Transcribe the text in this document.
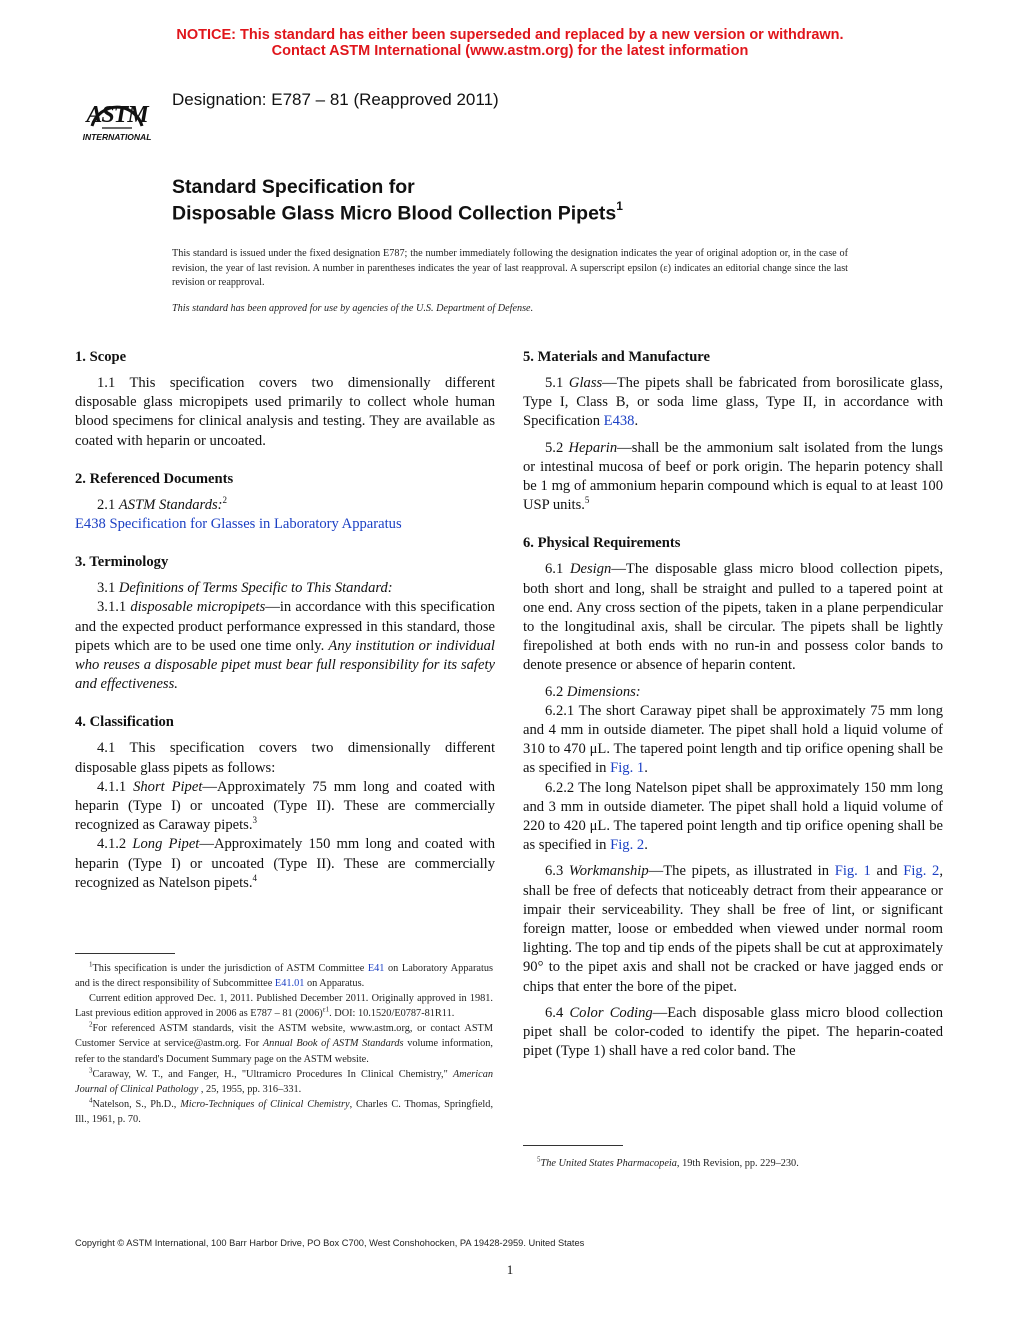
NOTICE: This standard has either been superseded and replaced by a new version or withdrawn.
Contact ASTM International (www.astm.org) for the latest information
ASTM
INTERNATIONAL
Designation: E787 – 81 (Reapproved 2011)
Standard Specification for
Disposable Glass Micro Blood Collection Pipets$^1$
This standard is issued under the fixed designation E787; the number immediately following the designation indicates the year of original adoption or, in the case of revision, the year of last revision. A number in parentheses indicates the year of last reapproval. A superscript epsilon (ε) indicates an editorial change since the last revision or reapproval.
This standard has been approved for use by agencies of the U.S. Department of Defense.
1. Scope

1.1 This specification covers two dimensionally different disposable glass micropipets used primarily to collect whole human blood specimens for clinical analysis and testing. They are available as coated with heparin or uncoated.

2. Referenced Documents

2.1 ASTM Standards:$^2$

E438 Specification for Glasses in Laboratory Apparatus

3. Terminology

3.1 Definitions of Terms Specific to This Standard:

3.1.1 disposable micropipets—in accordance with this specification and the expected product performance expressed in this standard, those pipets which are to be used one time only. Any institution or individual who reuses a disposable pipet must bear full responsibility for its safety and effectiveness.

4. Classification

4.1 This specification covers two dimensionally different disposable glass pipets as follows:

4.1.1 Short Pipet—Approximately 75 mm long and coated with heparin (Type I) or uncoated (Type II). These are commercially recognized as Caraway pipets.$^3$

4.1.2 Long Pipet—Approximately 150 mm long and coated with heparin (Type I) or uncoated (Type II). These are commercially recognized as Natelson pipets.$^4$

5. Materials and Manufacture

5.1 Glass—The pipets shall be fabricated from borosilicate glass, Type I, Class B, or soda lime glass, Type II, in accordance with Specification E438.

5.2 Heparin—shall be the ammonium salt isolated from the lungs or intestinal mucosa of beef or pork origin. The heparin potency shall be 1 mg of ammonium heparin compound which is equal to at least 100 USP units.$^5$

6. Physical Requirements

6.1 Design—The disposable glass micro blood collection pipets, both short and long, shall be straight and pulled to a tapered point at one end. Any cross section of the pipets, taken in a plane perpendicular to the longitudinal axis, shall be circular. The pipets shall be lightly firepolished at both ends with no run-in and possess color bands to denote presence or absence of heparin content.

6.2 Dimensions:

6.2.1 The short Caraway pipet shall be approximately 75 mm long and 4 mm in outside diameter. The pipet shall hold a liquid volume of 310 to 470 μL. The tapered point length and tip orifice opening shall be as specified in Fig. 1.

6.2.2 The long Natelson pipet shall be approximately 150 mm long and 3 mm in outside diameter. The pipet shall hold a liquid volume of 220 to 420 μL. The tapered point length and tip orifice opening shall be as specified in Fig. 2.

6.3 Workmanship—The pipets, as illustrated in Fig. 1 and Fig. 2, shall be free of defects that noticeably detract from their appearance or impair their serviceability. They shall be free of lint, or significant foreign matter, loose or embedded when viewed under normal room lighting. The top and tip ends of the pipets shall be cut at approximately 90° to the pipet axis and shall not be cracked or have jagged ends or chips that enter the bore of the pipet.

6.4 Color Coding—Each disposable glass micro blood collection pipet shall be color-coded to identify the pipet. The heparin-coated pipet (Type 1) shall have a red color band. The

$^1$This specification is under the jurisdiction of ASTM Committee E41 on Laboratory Apparatus and is the direct responsibility of Subcommittee E41.01 on Apparatus.

Current edition approved Dec. 1, 2011. Published December 2011. Originally approved in 1981. Last previous edition approved in 2006 as E787 – 81 $(2006)^{\varepsilon 1}$. DOI: 10.1520/E0787-81R11.

$^2$For referenced ASTM standards, visit the ASTM website, www.astm.org, or contact ASTM Customer Service at service@astm.org. For Annual Book of ASTM Standards volume information, refer to the standard's Document Summary page on the ASTM website.

$^3$Caraway, W. T., and Fanger, H., "Ultramicro Procedures In Clinical Chemistry," American Journal of Clinical Pathology , 25, 1955, pp. 316–331.

$^4$Natelson, S., Ph.D., Micro-Techniques of Clinical Chemistry, Charles C. Thomas, Springfield, Ill., 1961, p. 70.

$^5$The United States Pharmacopeia, 19th Revision, pp. 229–230.

Copyright © ASTM International, 100 Barr Harbor Drive, PO Box C700, West Conshohocken, PA 19428-2959. United States
1
